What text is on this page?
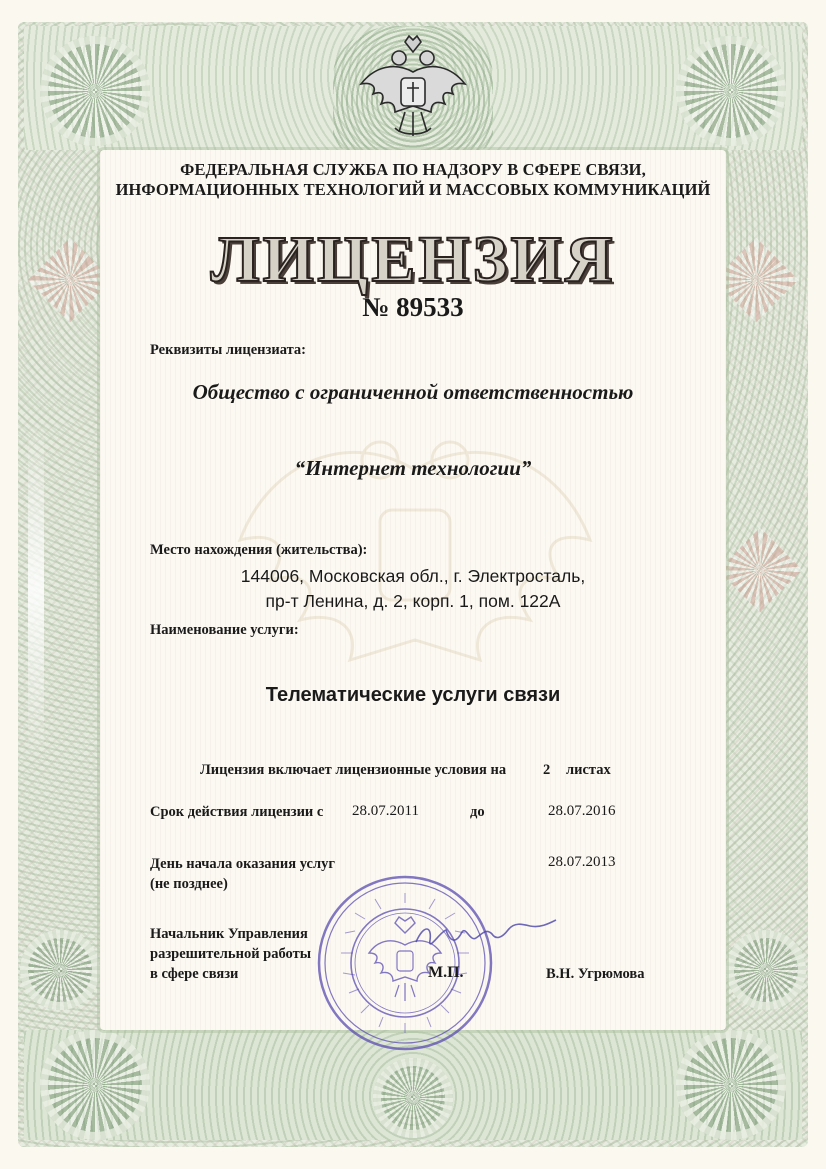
ФЕДЕРАЛЬНАЯ СЛУЖБА ПО НАДЗОРУ В СФЕРЕ СВЯЗИ,
ИНФОРМАЦИОННЫХ ТЕХНОЛОГИЙ И МАССОВЫХ КОММУНИКАЦИЙ
ЛИЦЕНЗИЯ
№ 89533
Реквизиты лицензиата:
Общество с ограниченной ответственностью
“Интернет технологии”
Место нахождения (жительства):
144006, Московская обл., г. Электросталь,
пр-т Ленина, д. 2, корп. 1, пом. 122А
Наименование услуги:
Телематические услуги связи
Лицензия включает лицензионные условия на	2 листах
Срок действия лицензии с 28.07.2011	до	28.07.2016
День начала оказания услуг
(не позднее)
28.07.2013
Начальник Управления
разрешительной работы
в сфере связи	М.П.	В.Н. Угрюмова
